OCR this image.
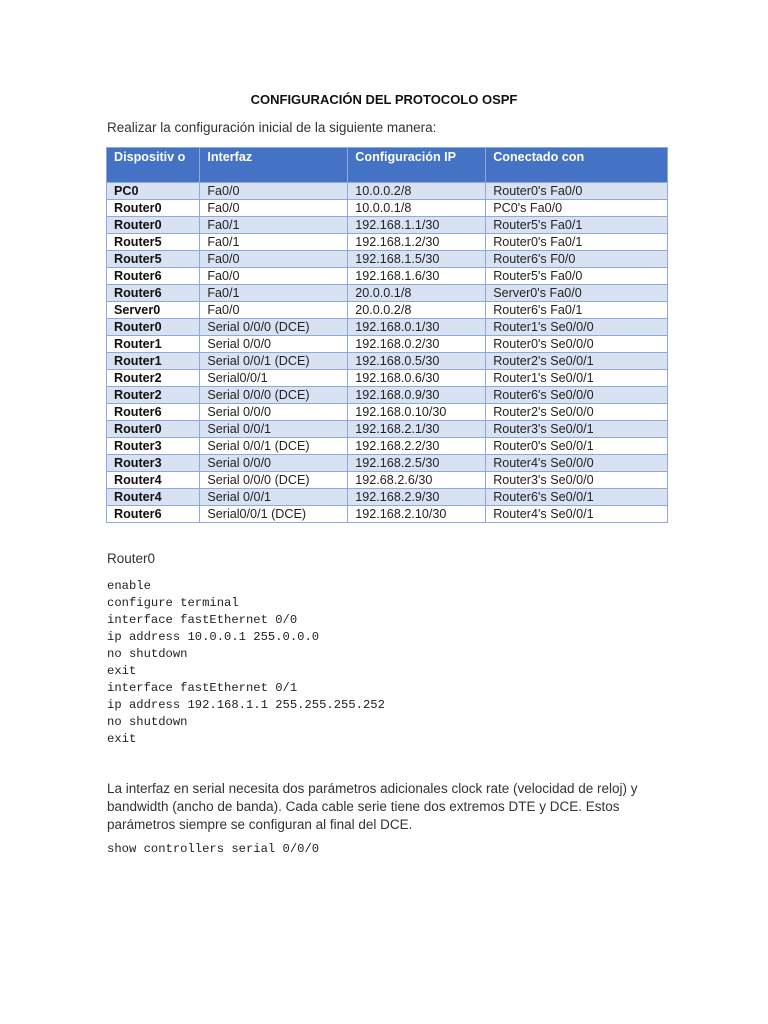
CONFIGURACIÓN DEL PROTOCOLO OSPF
Realizar la configuración inicial de la siguiente manera:
Dispositiv o	Interfaz	Configuración IP	Conectado con
PC0	Fa0/0	10.0.0.2/8	Router0's Fa0/0
Router0	Fa0/0	10.0.0.1/8	PC0's Fa0/0
Router0	Fa0/1	192.168.1.1/30	Router5's Fa0/1
Router5	Fa0/1	192.168.1.2/30	Router0's Fa0/1
Router5	Fa0/0	192.168.1.5/30	Router6's F0/0
Router6	Fa0/0	192.168.1.6/30	Router5's Fa0/0
Router6	Fa0/1	20.0.0.1/8	Server0's Fa0/0
Server0	Fa0/0	20.0.0.2/8	Router6's Fa0/1
Router0	Serial 0/0/0 (DCE)	192.168.0.1/30	Router1's Se0/0/0
Router1	Serial 0/0/0	192.168.0.2/30	Router0's Se0/0/0
Router1	Serial 0/0/1 (DCE)	192.168.0.5/30	Router2's Se0/0/1
Router2	Serial0/0/1	192.168.0.6/30	Router1's Se0/0/1
Router2	Serial 0/0/0 (DCE)	192.168.0.9/30	Router6's Se0/0/0
Router6	Serial 0/0/0	192.168.0.10/30	Router2's Se0/0/0
Router0	Serial 0/0/1	192.168.2.1/30	Router3's Se0/0/1
Router3	Serial 0/0/1 (DCE)	192.168.2.2/30	Router0's Se0/0/1
Router3	Serial 0/0/0	192.168.2.5/30	Router4's Se0/0/0
Router4	Serial 0/0/0 (DCE)	192.68.2.6/30	Router3's Se0/0/0
Router4	Serial 0/0/1	192.168.2.9/30	Router6's Se0/0/1
Router6	Serial0/0/1 (DCE)	192.168.2.10/30	Router4's Se0/0/1
Router0
enable
configure terminal
interface fastEthernet 0/0
ip address 10.0.0.1 255.0.0.0
no shutdown
exit
interface fastEthernet 0/1
ip address 192.168.1.1 255.255.255.252
no shutdown
exit
La interfaz en serial necesita dos parámetros adicionales clock rate (velocidad de reloj) y bandwidth (ancho de banda). Cada cable serie tiene dos extremos DTE y DCE. Estos parámetros siempre se configuran al final del DCE.
show controllers serial 0/0/0
